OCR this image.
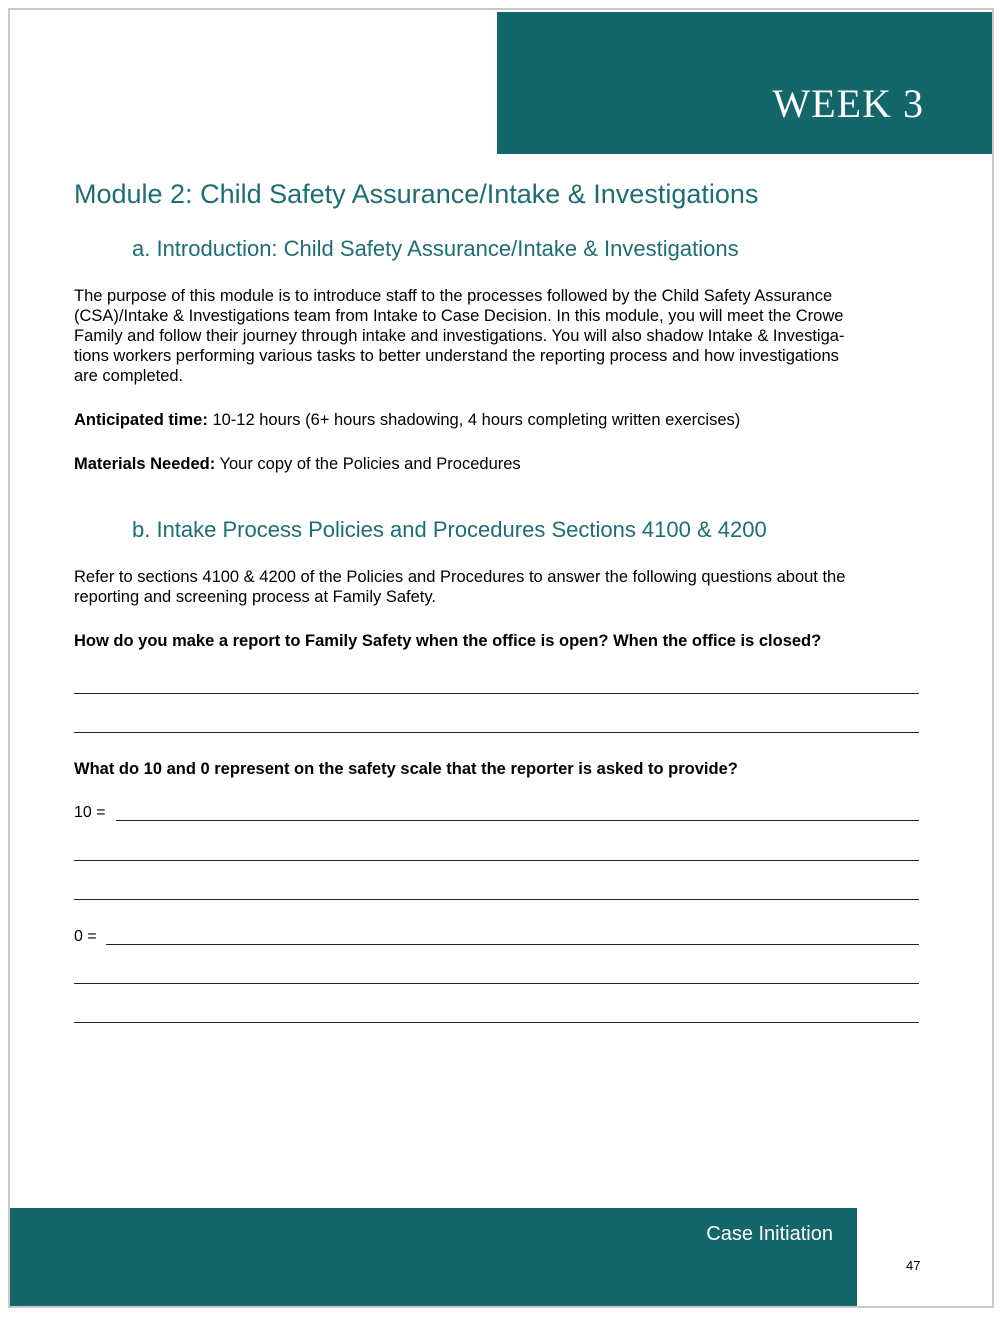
WEEK 3
Module 2: Child Safety Assurance/Intake & Investigations
a. Introduction: Child Safety Assurance/Intake & Investigations
The purpose of this module is to introduce staff to the processes followed by the Child Safety Assurance
(CSA)/Intake & Investigations team from Intake to Case Decision. In this module, you will meet the Crowe
Family and follow their journey through intake and investigations. You will also shadow Intake & Investiga-
tions workers performing various tasks to better understand the reporting process and how investigations
are completed.
Anticipated time: 10-12 hours (6+ hours shadowing, 4 hours completing written exercises)
Materials Needed: Your copy of the Policies and Procedures
b. Intake Process Policies and Procedures Sections 4100 & 4200
Refer to sections 4100 & 4200 of the Policies and Procedures to answer the following questions about the
reporting and screening process at Family Safety.
How do you make a report to Family Safety when the office is open? When the office is closed?
What do 10 and 0 represent on the safety scale that the reporter is asked to provide?
10 =
0 =
Case Initiation
47
